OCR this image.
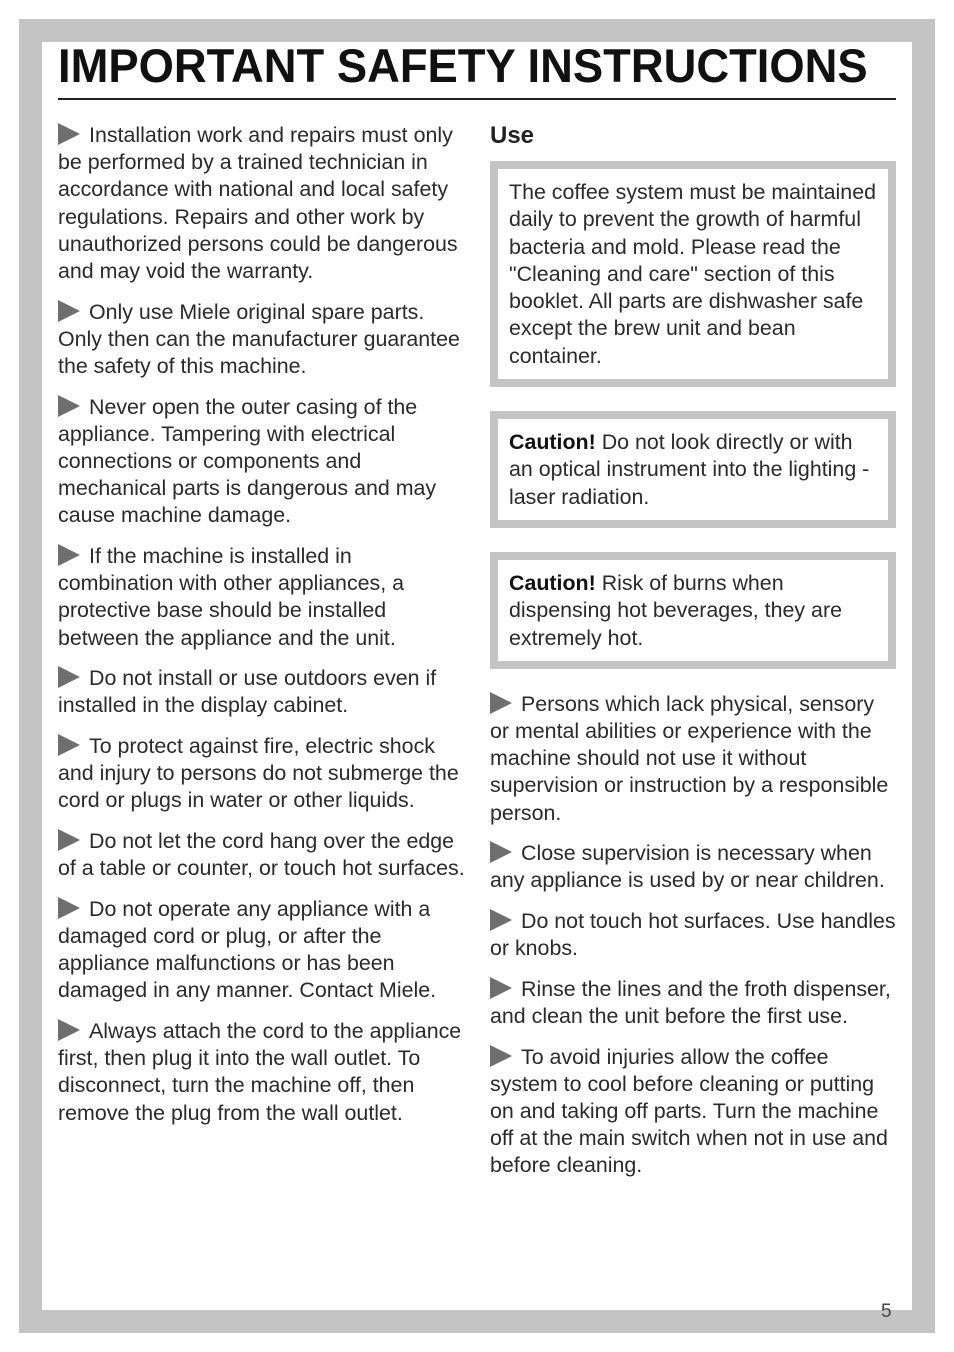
IMPORTANT SAFETY INSTRUCTIONS

Installation work and repairs must only be performed by a trained technician in accordance with national and local safety regulations. Repairs and other work by unauthorized persons could be dangerous and may void the warranty.

Only use Miele original spare parts. Only then can the manufacturer guarantee the safety of this machine.

Never open the outer casing of the appliance. Tampering with electrical connections or components and mechanical parts is dangerous and may cause machine damage.

If the machine is installed in combination with other appliances, a protective base should be installed between the appliance and the unit.

Do not install or use outdoors even if installed in the display cabinet.

To protect against fire, electric shock and injury to persons do not submerge the cord or plugs in water or other liquids.

Do not let the cord hang over the edge of a table or counter, or touch hot surfaces.

Do not operate any appliance with a damaged cord or plug, or after the appliance malfunctions or has been damaged in any manner. Contact Miele.

Always attach the cord to the appliance first, then plug it into the wall outlet. To disconnect, turn the machine off, then remove the plug from the wall outlet.

Use
The coffee system must be maintained daily to prevent the growth of harmful bacteria and mold. Please read the "Cleaning and care" section of this booklet. All parts are dishwasher safe except the brew unit and bean container.
Caution! Do not look directly or with an optical instrument into the lighting - laser radiation.
Caution! Risk of burns when dispensing hot beverages, they are extremely hot.

Persons which lack physical, sensory or mental abilities or experience with the machine should not use it without supervision or instruction by a responsible person.

Close supervision is necessary when any appliance is used by or near children.

Do not touch hot surfaces. Use handles or knobs.

Rinse the lines and the froth dispenser, and clean the unit before the first use.

To avoid injuries allow the coffee system to cool before cleaning or putting on and taking off parts. Turn the machine off at the main switch when not in use and before cleaning.

5
